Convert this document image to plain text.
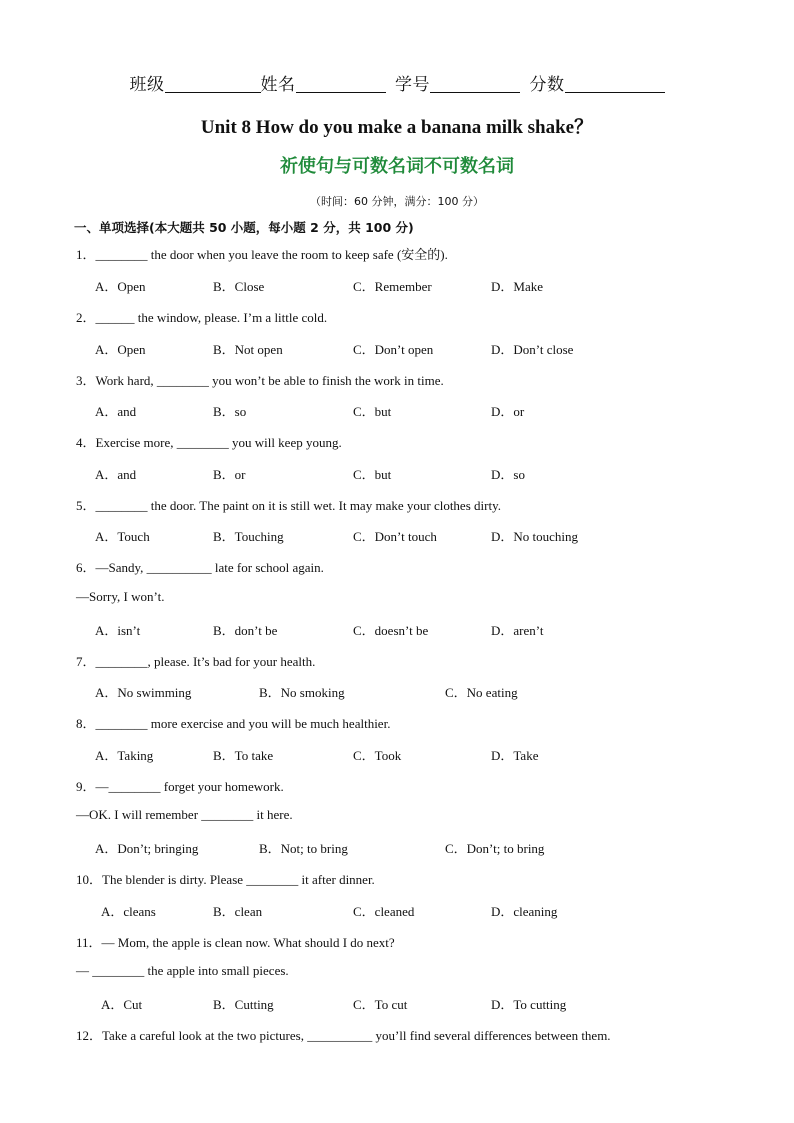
班级	姓名	学号	分数
Unit 8 How do you make a banana milk shake？
祈使句与可数名词不可数名词
（时间：60 分钟，满分：100 分）
一、单项选择(本大题共 50 小题，每小题 2 分，共 100 分)
1．________ the door when you leave the room to keep safe (安全的).
A．Open	B．Close	C．Remember	D．Make
2．______ the window, please. I’m a little cold.
A．Open	B．Not open	C．Don’t open	D．Don’t close
3．Work hard, ________ you won’t be able to finish the work in time.
A．and	B．so	C．but	D．or
4．Exercise more, ________ you will keep young.
A．and	B．or	C．but	D．so
5．________ the door. The paint on it is still wet. It may make your clothes dirty.
A．Touch	B．Touching	C．Don’t touch	D．No touching
6．—Sandy, __________ late for school again.
—Sorry, I won’t.
A．isn’t	B．don’t be	C．doesn’t be	D．aren’t
7．________, please. It’s bad for your health.
A．No swimming	B．No smoking	C．No eating
8．________ more exercise and you will be much healthier.
A．Taking	B．To take	C．Took	D．Take
9．—________ forget your homework.
—OK. I will remember ________ it here.
A．Don’t; bringing	B．Not; to bring	C．Don’t; to bring
10．The blender is dirty. Please ________ it after dinner.
A．cleans	B．clean	C．cleaned	D．cleaning
11．— Mom, the apple is clean now. What should I do next?
— ________ the apple into small pieces.
A．Cut	B．Cutting	C．To cut	D．To cutting
12．Take a careful look at the two pictures, __________ you’ll find several differences between them.
